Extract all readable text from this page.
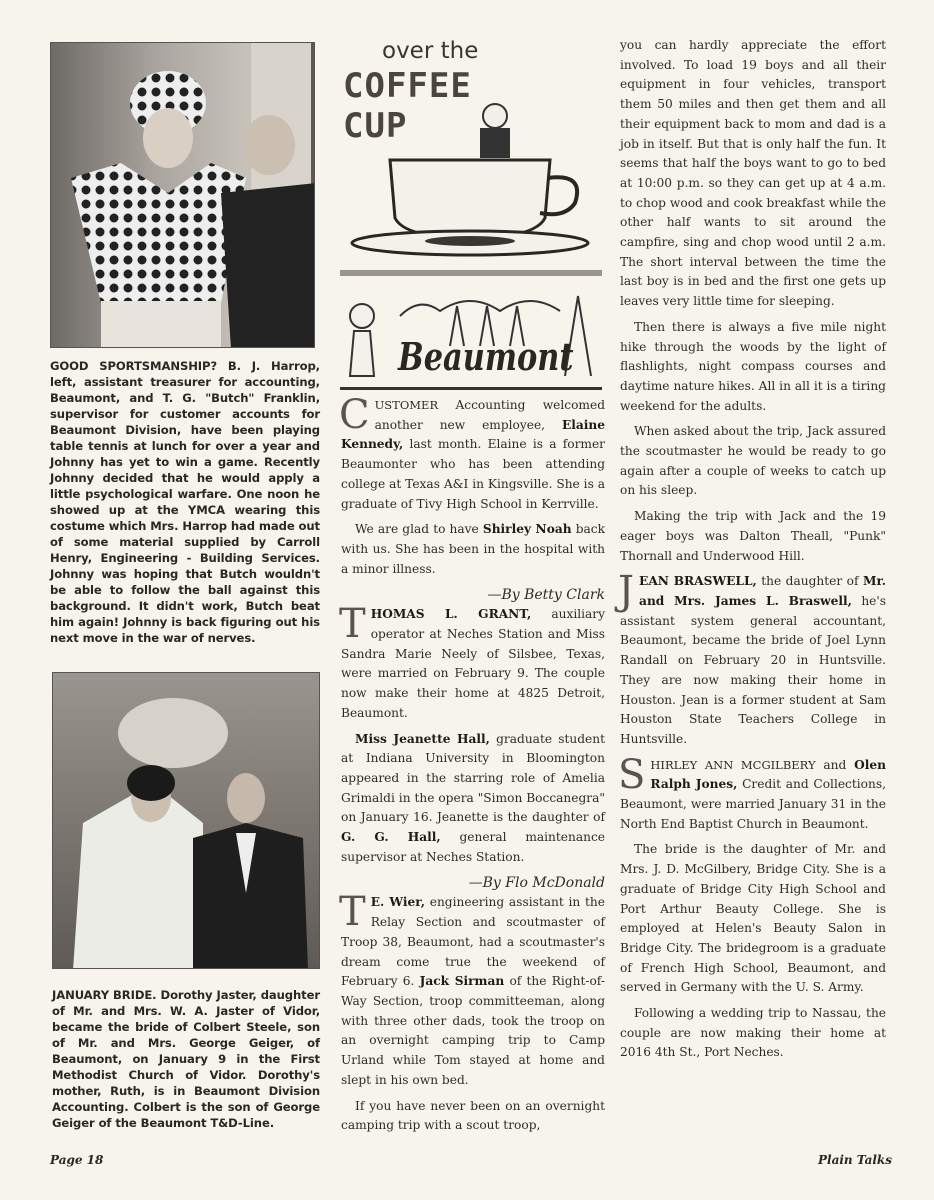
GOOD SPORTSMANSHIP? B. J. Harrop, left, assistant treasurer for accounting, Beaumont, and T. G. "Butch" Franklin, supervisor for customer accounts for Beaumont Division, have been playing table tennis at lunch for over a year and Johnny has yet to win a game. Recently Johnny decided that he would apply a little psychological warfare. One noon he showed up at the YMCA wearing this costume which Mrs. Harrop had made out of some material supplied by Carroll Henry, Engineering - Building Services. Johnny was hoping that Butch wouldn't be able to follow the ball against this background. It didn't work, Butch beat him again! Johnny is back figuring out his next move in the war of nerves.
JANUARY BRIDE. Dorothy Jaster, daughter of Mr. and Mrs. W. A. Jaster of Vidor, became the bride of Colbert Steele, son of Mr. and Mrs. George Geiger, of Beaumont, on January 9 in the First Methodist Church of Vidor. Dorothy's mother, Ruth, is in Beaumont Division Accounting. Colbert is the son of George Geiger of the Beaumont T&D-Line.
over the
COFFEE
CUP
Beaumont

CUSTOMER Accounting welcomed another new employee, Elaine Kennedy, last month. Elaine is a former Beaumonter who has been attending college at Texas A&I in Kingsville. She is a graduate of Tivy High School in Kerrville.

We are glad to have Shirley Noah back with us. She has been in the hospital with a minor illness.

—By Betty Clark

THOMAS L. GRANT, auxiliary operator at Neches Station and Miss Sandra Marie Neely of Silsbee, Texas, were married on February 9. The couple now make their home at 4825 Detroit, Beaumont.

Miss Jeanette Hall, graduate student at Indiana University in Bloomington appeared in the starring role of Amelia Grimaldi in the opera "Simon Boccanegra" on January 16. Jeanette is the daughter of G. G. Hall, general maintenance supervisor at Neches Station.

—By Flo McDonald

T E. Wier, engineering assistant in the Relay Section and scoutmaster of Troop 38, Beaumont, had a scoutmaster's dream come true the weekend of February 6. Jack Sirman of the Right-of-Way Section, troop committeeman, along with three other dads, took the troop on an overnight camping trip to Camp Urland while Tom stayed at home and slept in his own bed.

If you have never been on an overnight camping trip with a scout troop,

you can hardly appreciate the effort involved. To load 19 boys and all their equipment in four vehicles, transport them 50 miles and then get them and all their equipment back to mom and dad is a job in itself. But that is only half the fun. It seems that half the boys want to go to bed at 10:00 p.m. so they can get up at 4 a.m. to chop wood and cook breakfast while the other half wants to sit around the campfire, sing and chop wood until 2 a.m. The short interval between the time the last boy is in bed and the first one gets up leaves very little time for sleeping.

Then there is always a five mile night hike through the woods by the light of flashlights, night compass courses and daytime nature hikes. All in all it is a tiring weekend for the adults.

When asked about the trip, Jack assured the scoutmaster he would be ready to go again after a couple of weeks to catch up on his sleep.

Making the trip with Jack and the 19 eager boys was Dalton Theall, "Punk" Thornall and Underwood Hill.

JEAN BRASWELL, the daughter of Mr. and Mrs. James L. Braswell, he's assistant system general accountant, Beaumont, became the bride of Joel Lynn Randall on February 20 in Huntsville. They are now making their home in Houston. Jean is a former student at Sam Houston State Teachers College in Huntsville.

SHIRLEY ANN MCGILBERY and Olen Ralph Jones, Credit and Collections, Beaumont, were married January 31 in the North End Baptist Church in Beaumont.

The bride is the daughter of Mr. and Mrs. J. D. McGilbery, Bridge City. She is a graduate of Bridge City High School and Port Arthur Beauty College. She is employed at Helen's Beauty Salon in Bridge City. The bridegroom is a graduate of French High School, Beaumont, and served in Germany with the U. S. Army.

Following a wedding trip to Nassau, the couple are now making their home at 2016 4th St., Port Neches.

Page 18	Plain Talks
